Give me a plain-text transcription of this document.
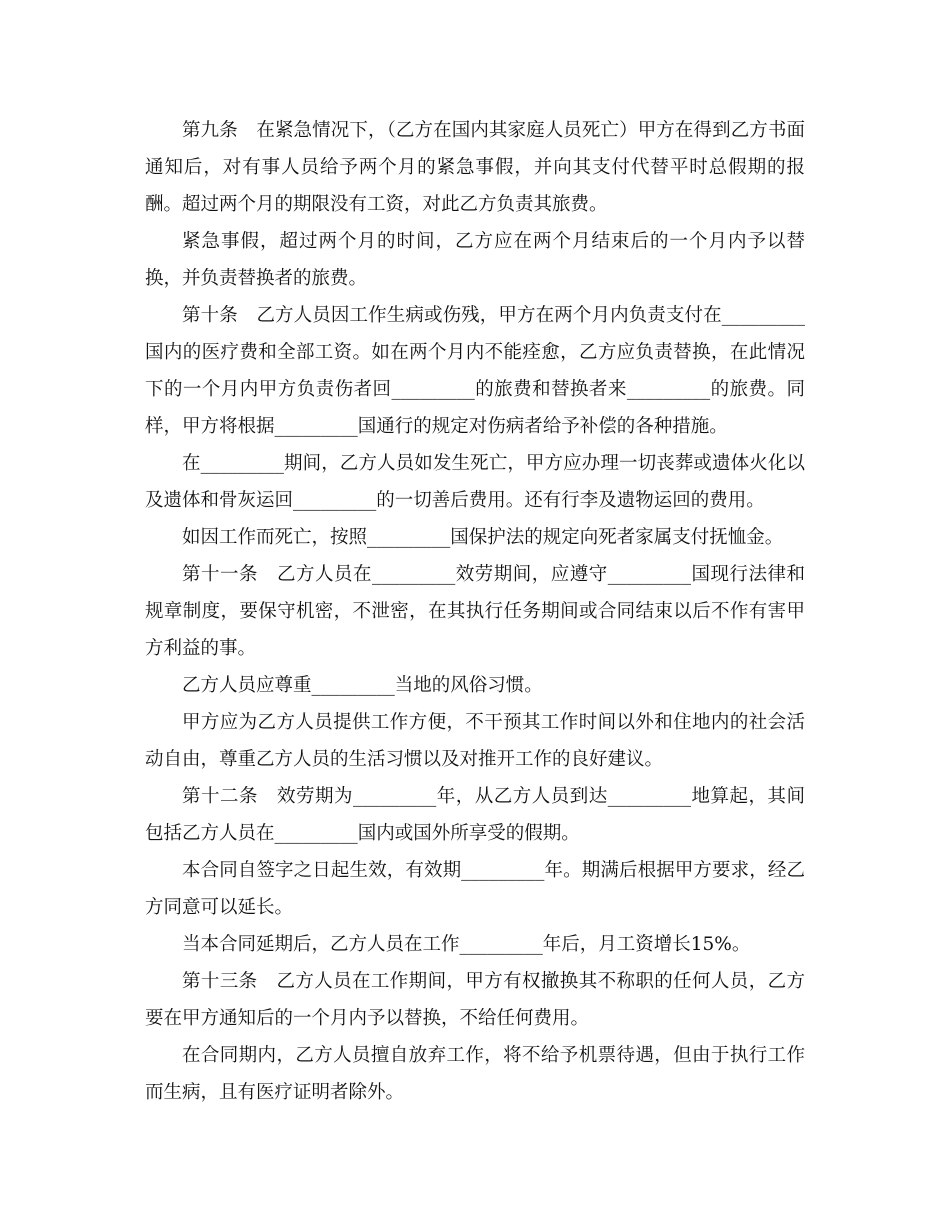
第九条　在紧急情况下，（乙方在国内其家庭人员死亡）甲方在得到乙方书面通知后，对有事人员给予两个月的紧急事假，并向其支付代替平时总假期的报酬。超过两个月的期限没有工资，对此乙方负责其旅费。

紧急事假，超过两个月的时间，乙方应在两个月结束后的一个月内予以替换，并负责替换者的旅费。

第十条　乙方人员因工作生病或伤残，甲方在两个月内负责支付在_________国内的医疗费和全部工资。如在两个月内不能痊愈，乙方应负责替换，在此情况下的一个月内甲方负责伤者回_________的旅费和替换者来_________的旅费。同样，甲方将根据_________国通行的规定对伤病者给予补偿的各种措施。

在_________期间，乙方人员如发生死亡，甲方应办理一切丧葬或遗体火化以及遗体和骨灰运回_________的一切善后费用。还有行李及遗物运回的费用。

如因工作而死亡，按照_________国保护法的规定向死者家属支付抚恤金。

第十一条　乙方人员在_________效劳期间，应遵守_________国现行法律和规章制度，要保守机密，不泄密，在其执行任务期间或合同结束以后不作有害甲方利益的事。

乙方人员应尊重_________当地的风俗习惯。

甲方应为乙方人员提供工作方便，不干预其工作时间以外和住地内的社会活动自由，尊重乙方人员的生活习惯以及对推开工作的良好建议。

第十二条　效劳期为_________年，从乙方人员到达_________地算起，其间包括乙方人员在_________国内或国外所享受的假期。

本合同自签字之日起生效，有效期_________年。期满后根据甲方要求，经乙方同意可以延长。

当本合同延期后，乙方人员在工作_________年后，月工资增长15%。

第十三条　乙方人员在工作期间，甲方有权撤换其不称职的任何人员，乙方要在甲方通知后的一个月内予以替换，不给任何费用。

在合同期内，乙方人员擅自放弃工作，将不给予机票待遇，但由于执行工作而生病，且有医疗证明者除外。
